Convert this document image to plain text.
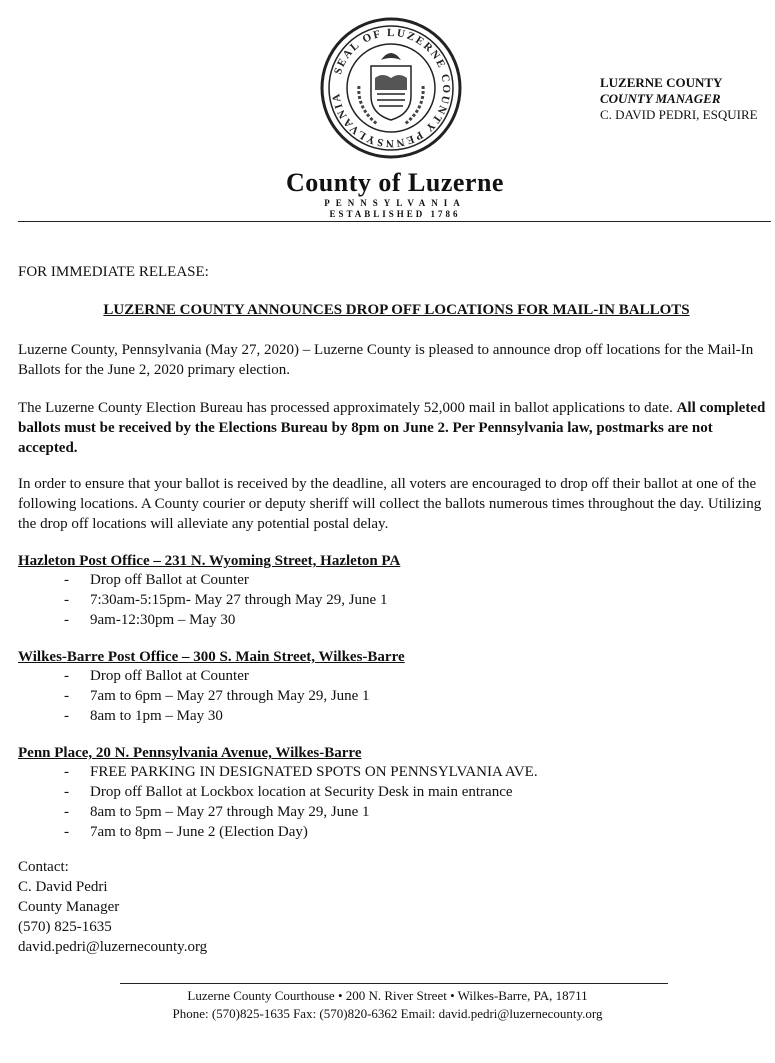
SEAL OF LUZERNE COUNTY PENNSYLVANIA
LUZERNE COUNTY
COUNTY MANAGER
C. DAVID PEDRI, ESQUIRE
County of Luzerne
PENNSYLVANIA
ESTABLISHED 1786
FOR IMMEDIATE RELEASE:
LUZERNE COUNTY ANNOUNCES DROP OFF LOCATIONS FOR MAIL-IN BALLOTS
Luzerne County, Pennsylvania (May 27, 2020) – Luzerne County is pleased to announce drop off locations for the Mail-In Ballots for the June 2, 2020 primary election.
The Luzerne County Election Bureau has processed approximately 52,000 mail in ballot applications to date. All completed ballots must be received by the Elections Bureau by 8pm on June 2. Per Pennsylvania law, postmarks are not accepted.
In order to ensure that your ballot is received by the deadline, all voters are encouraged to drop off their ballot at one of the following locations. A County courier or deputy sheriff will collect the ballots numerous times throughout the day. Utilizing the drop off locations will alleviate any potential postal delay.
Hazleton Post Office – 231 N. Wyoming Street, Hazleton PA
- Drop off Ballot at Counter
- 7:30am-5:15pm- May 27 through May 29, June 1
- 9am-12:30pm – May 30
Wilkes-Barre Post Office – 300 S. Main Street, Wilkes-Barre
- Drop off Ballot at Counter
- 7am to 6pm – May 27 through May 29, June 1
- 8am to 1pm – May 30
Penn Place, 20 N. Pennsylvania Avenue, Wilkes-Barre
- FREE PARKING IN DESIGNATED SPOTS ON PENNSYLVANIA AVE.
- Drop off Ballot at Lockbox location at Security Desk in main entrance
- 8am to 5pm – May 27 through May 29, June 1
- 7am to 8pm – June 2 (Election Day)
Contact:
C. David Pedri
County Manager
(570) 825-1635
david.pedri@luzernecounty.org
Luzerne County Courthouse • 200 N. River Street • Wilkes-Barre, PA, 18711
Phone: (570)825-1635 Fax: (570)820-6362 Email: david.pedri@luzernecounty.org
